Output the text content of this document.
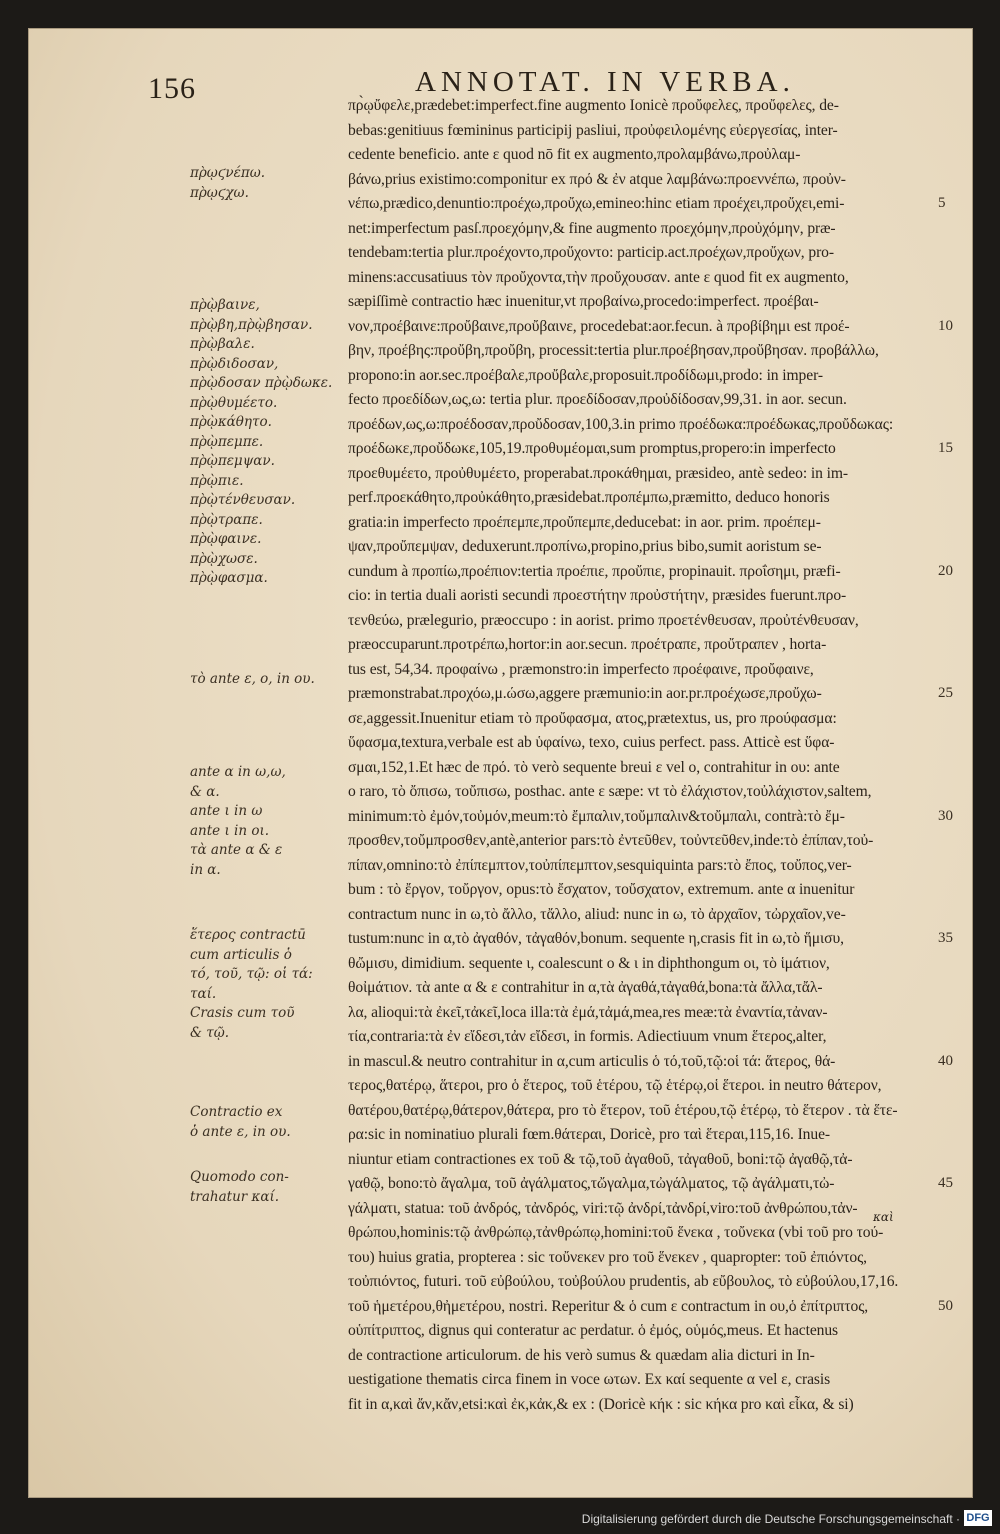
156	ANNOTAT. IN VERBA.
πρ̀ῳϛνέπω.
πρ̀ῳϛχω.
πρ̀ῲβαινε, πρ̀ῲβη,πρ̀ῲβησαν.
πρ̀ῲβαλε.
πρ̀ῲδιδοσαν,
πρ̀ῲδοσαν πρ̀ῲδωκε.
πρ̀ῲθυμέετο.
πρ̀ῲκάθητο.
πρ̀ῲπεμπε.
πρ̀ῲπεμψαν.
πρ̀ῲπιε.
πρ̀ῲτένθευσαν.
πρ̀ῲτραπε.
πρ̀ῲφαινε.
πρ̀ῲχωσε.
πρ̀ῲφασμα.
τὸ ante ε, ο, in ου.
ante α in ω,ω,
& α.
ante ι in ω
ante ι in οι.
τὰ ante α & ε
in α.
ἕτερος contractū
cum articulis ὁ
τό, τοῦ, τῷ: οἱ τά:
ταί.
Crasis cum τοῦ
& τῷ.
Contractio ex
ὁ ante ε, in ου.
Quomodo con-
trahatur καί.
πρ̀ῳὔφελε,prædebet:imperfect.fine augmento Ionicè προὔφελες, προὔφελες, de-
bebas:genitiuus fœmininus participij pasliui, προὐφειλομένης εὐεργεσίας, inter-
cedente beneficio. ante ε quod nō fit ex augmento,προλαμβάνω,προὐλαμ-
βάνω,prius existimo:componitur ex πρό & ἐν atque λαμβάνω:προεννέπω, προὐν-
νέπω,prædico,denuntio:προέχω,προὔχω,emineo:hinc etiam προέχει,προὔχει,emi-
net:imperfectum pasſ.προεχόμην,& fine augmento προεχόμην,προὐχόμην, præ-
tendebam:tertia plur.προέχοντο,προὔχοντο: particip.act.προέχων,προὔχων, pro-
minens:accusatiuus τὸν προὔχοντα,τὴν προὔχουσαν. ante ε quod fit ex augmento,
sæpiſſimè contractio hæc inuenitur,vt προβαίνω,procedo:imperfect. προέβαι-
νον,προέβαινε:προὔβαινε,προὔβαινε, procedebat:aor.fecun. à προβίβημι est προέ-
βην, προέβης:προὔβη,προὔβη, processit:tertia plur.προέβησαν,προὔβησαν. προβάλλω,
propono:in aor.sec.προέβαλε,προὔβαλε,proposuit.προδίδωμι,prodo: in imper-
fecto προεδίδων,ως,ω: tertia plur. προεδίδοσαν,προὐδίδοσαν,99,31. in aor. secun.
προέδων,ως,ω:προέδοσαν,προὔδοσαν,100,3.in primo προέδωκα:προέδωκας,προὔδωκας:
προέδωκε,προὔδωκε,105,19.προθυμέομαι,sum promptus,propero:in imperfecto
προεθυμέετο, προὐθυμέετο, properabat.προκάθημαι, præsideo, antè sedeo: in im-
perf.προεκάθητο,προὐκάθητο,præsidebat.προπέμπω,præmitto, deduco honoris
gratia:in imperfecto προέπεμπε,προὔπεμπε,deducebat: in aor. prim. προέπεμ-
ψαν,προὔπεμψαν, deduxerunt.προπίνω,propino,prius bibo,sumit aoristum se-
cundum à προπίω,προέπιον:tertia προέπιε, προὔπιε, propinauit. προΐσημι, præfi-
cio: in tertia duali aoristi secundi προεστήτην προὐστήτην, præsides fuerunt.προ-
τενθεύω, prælegurio, præoccupo : in aorist. primo προετένθευσαν, προὐτένθευσαν,
præoccuparunt.προτρέπω,hortor:in aor.secun. προέτραπε, προὔτραπεν , horta-
tus est, 54,34. προφαίνω , præmonstro:in imperfecto προέφαινε, προὔφαινε,
præmonstrabat.προχόω,μ.ώσω,aggere præmunio:in aor.pr.προέχωσε,προὔχω-
σε,aggessit.Inuenitur etiam τὸ προὔφασμα, ατος,prætextus, us, pro προύφασμα:
ὕφασμα,textura,verbale est ab ὑφαίνω, texo, cuius perfect. pass. Atticè est ὕφα-
σμαι,152,1.Et hæc de πρό. τὸ verò sequente breui ε vel ο, contrahitur in ου: ante
ο raro, τὸ ὄπισω, τοὔπισω, posthac. ante ε sæpe: vt τὸ ἐλάχιστον,τοὐλάχιστον,saltem,
minimum:τὸ ἐμόν,τοὐμόν,meum:τὸ ἔμπαλιν,τοὔμπαλιν&τοὔμπαλι, contrà:τὸ ἔμ-
προσθεν,τοὔμπροσθεν,antè,anterior pars:τὸ ἐντεῦθεν, τοὐντεῦθεν,inde:τὸ ἐπίπαν,τοὐ-
πίπαν,omnino:τὸ ἐπίπεμπτον,τοὐπίπεμπτον,sesquiquinta pars:τὸ ἔπος, τοὔπος,ver-
bum : τὸ ἔργον, τοὔργον, opus:τὸ ἔσχατον, τοὔσχατον, extremum. ante α inuenitur
contractum nunc in ω,τὸ ἄλλο, τἄλλο, aliud: nunc in ω, τὸ ἀρχαῖον, τὠρχαῖον,ve-
tustum:nunc in α,τὸ ἀγαθόν, τἀγαθόν,bonum. sequente η,crasis fit in ω,τὸ ἥμισυ,
θὤμισυ, dimidium. sequente ι, coalescunt ο & ι in diphthongum οι, τὸ ἱμάτιον,
θοἰμάτιον. τὰ ante α & ε contrahitur in α,τὰ ἀγαθά,τἀγαθά,bona:τὰ ἄλλα,τἄλ-
λα, alioqui:τὰ ἐκεῖ,τἀκεῖ,loca illa:τὰ ἐμά,τἀμά,mea,res meæ:τὰ ἐναντία,τἀναν-
τία,contraria:τὰ ἐν εἴδεσι,τἀν εἴδεσι, in formis. Adiectiuum vnum ἕτερος,alter,
in mascul.& neutro contrahitur in α,cum articulis ὁ τό,τοῦ,τῷ:οἱ τά: ἅτερος, θά-
τερος,θατέρῳ, ἅτεροι, pro ὁ ἕτερος, τοῦ ἑτέρου, τῷ ἑτέρῳ,οἱ ἕτεροι. in neutro θάτερον,
θατέρου,θατέρῳ,θάτερον,θάτερα, pro τὸ ἕτερον, τοῦ ἑτέρου,τῷ ἑτέρῳ, τὸ ἕτερον . τὰ ἕτε-
ρα:sic in nominatiuo plurali fœm.θάτεραι, Doricè, pro ταὶ ἕτεραι,115,16. Inue-
niuntur etiam contractiones ex τοῦ & τῷ,τοῦ ἀγαθοῦ, τἀγαθοῦ, boni:τῷ ἀγαθῷ,τἀ-
γαθῷ, bono:τὸ ἄγαλμα, τοῦ ἀγάλματος,τὤγαλμα,τὠγάλματος, τῷ ἀγάλματι,τὠ-
γάλματι, statua: τοῦ ἀνδρός, τἀνδρός, viri:τῷ ἀνδρί,τἀνδρί,viro:τοῦ ἀνθρώπου,τἀν-
θρώπου,hominis:τῷ ἀνθρώπῳ,τἀνθρώπῳ,homini:τοῦ ἕνεκα , τοὔνεκα (vbi τοῦ pro τού-
του) huius gratia, propterea : sic τοὔνεκεν pro τοῦ ἕνεκεν , quapropter: τοῦ ἐπιόντος,
τοὐπιόντος, futuri. τοῦ εὐβούλου, τοὐβούλου prudentis, ab εὔβουλος, τὸ εὐβούλου,17,16.
τοῦ ἡμετέρου,θἠμετέρου, nostri. Reperitur & ὁ cum ε contractum in ου,ὁ ἐπίτριπτος,
οὑπίτριπτος, dignus qui conteratur ac perdatur. ὁ ἐμός, οὑμός,meus. Et hactenus
de contractione articulorum. de his verò sumus & quædam alia dicturi in In-
uestigatione thematis circa finem in voce ωτων. Ex καί sequente α vel ε, crasis
fit in α,καὶ ἄν,κἄν,etsi:καὶ ἐκ,κἀκ,& ex : (Doricè κήκ : sic κήκα pro καὶ εἶκα, & si)
5
10
15
20
25
30
35
40
45
50
καὶ
Digitalisierung gefördert durch die Deutsche Forschungsgemeinschaft · DFG
